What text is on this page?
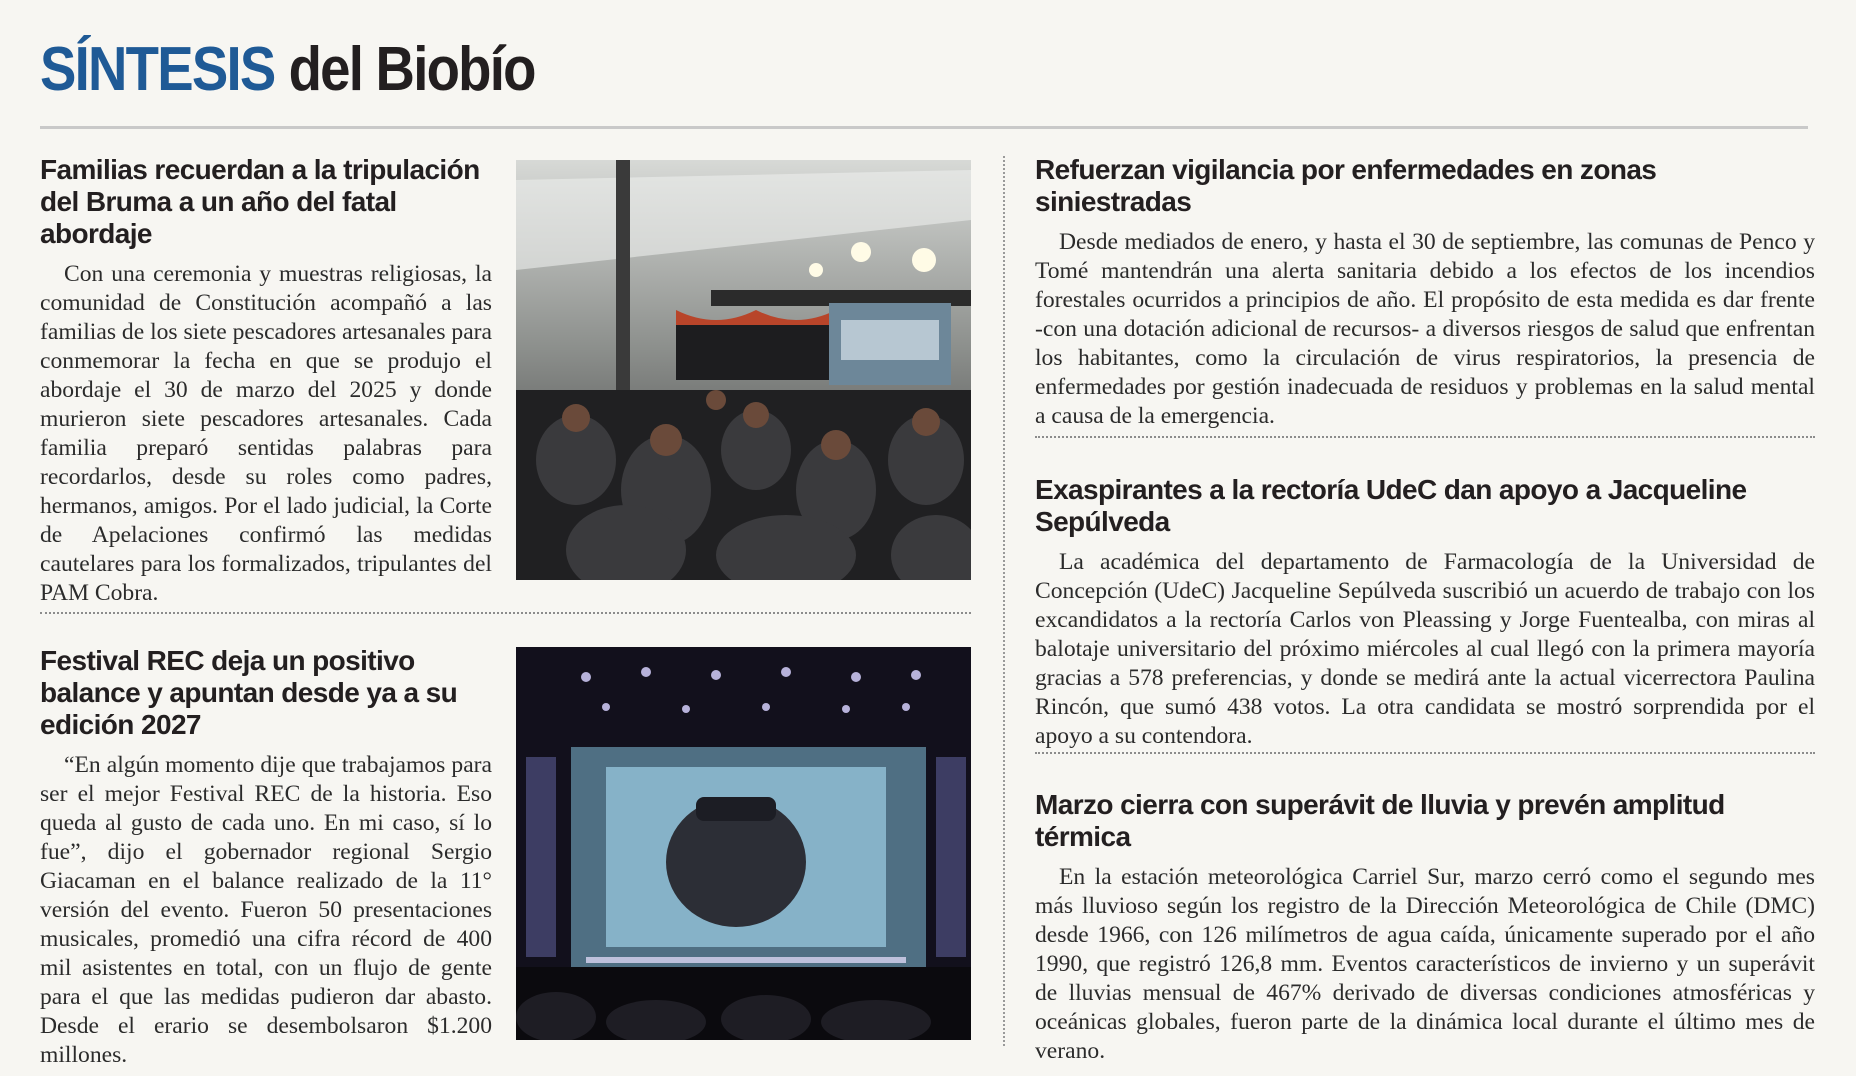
SÍNTESIS del Biobío
Familias recuerdan a la tripulación del Bruma a un año del fatal abordaje

Con una ceremonia y muestras religiosas, la comunidad de Constitución acompañó a las familias de los siete pescadores artesanales para conmemorar la fecha en que se produjo el abordaje el 30 de marzo del 2025 y donde murieron siete pescadores artesanales. Cada familia preparó sentidas palabras para recordarlos, desde su roles como padres, hermanos, amigos. Por el lado judicial, la Corte de Apelaciones confirmó las medidas cautelares para los formalizados, tripulantes del PAM Cobra.

Festival REC deja un positivo balance y apuntan desde ya a su edición 2027

“En algún momento dije que trabajamos para ser el mejor Festival REC de la historia. Eso queda al gusto de cada uno. En mi caso, sí lo fue”, dijo el gobernador regional Sergio Giacaman en el balance realizado de la 11° versión del evento. Fueron 50 presentaciones musicales, promedió una cifra récord de 400 mil asistentes en total, con un flujo de gente para el que las medidas pudieron dar abasto. Desde el erario se desembolsaron $1.200 millones.

Refuerzan vigilancia por enfermedades en zonas siniestradas

Desde mediados de enero, y hasta el 30 de septiembre, las comunas de Penco y Tomé mantendrán una alerta sanitaria debido a los efectos de los incendios forestales ocurridos a principios de año. El propósito de esta medida es dar frente -con una dotación adicional de recursos- a diversos riesgos de salud que enfrentan los habitantes, como la circulación de virus respiratorios, la presencia de enfermedades por gestión inadecuada de residuos y problemas en la salud mental a causa de la emergencia.

Exaspirantes a la rectoría UdeC dan apoyo a Jacqueline Sepúlveda

La académica del departamento de Farmacología de la Universidad de Concepción (UdeC) Jacqueline Sepúlveda suscribió un acuerdo de trabajo con los excandidatos a la rectoría Carlos von Pleassing y Jorge Fuentealba, con miras al balotaje universitario del próximo miércoles al cual llegó con la primera mayoría gracias a 578 preferencias, y donde se medirá ante la actual vicerrectora Paulina Rincón, que sumó 438 votos. La otra candidata se mostró sorprendida por el apoyo a su contendora.

Marzo cierra con superávit de lluvia y prevén amplitud térmica

En la estación meteorológica Carriel Sur, marzo cerró como el segundo mes más lluvioso según los registro de la Dirección Meteorológica de Chile (DMC) desde 1966, con 126 milímetros de agua caída, únicamente superado por el año 1990, que registró 126,8 mm. Eventos característicos de invierno y un superávit de lluvias mensual de 467% derivado de diversas condiciones atmosféricas y oceánicas globales, fueron parte de la dinámica local durante el último mes de verano.
